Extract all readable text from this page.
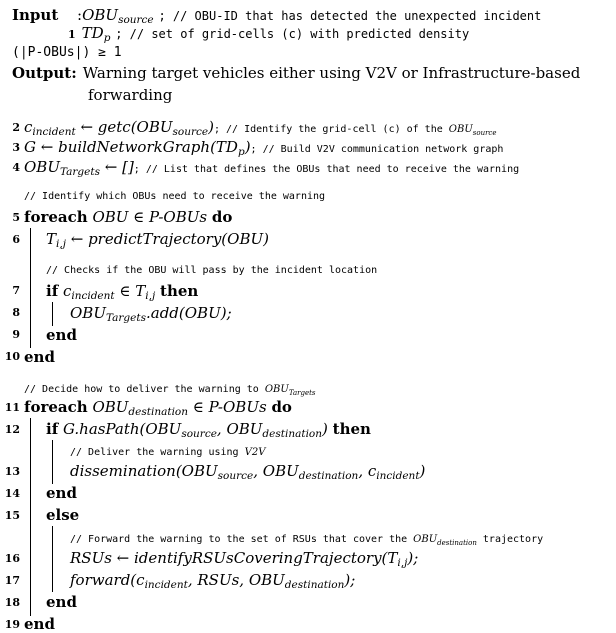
Input $:OBU_{source}$ ; // OBU-ID that has detected the unexpected incident
1 $TD_p$ ; // set of grid-cells (c) with predicted density
(|P-OBUs|) ≥ 1
Output: Warning target vehicles either using V2V or Infrastructure-based
forwarding
2
3
4
5
6
7
8
9
10
11
12
13
14
15
16
17
18
19
$c_{incident}$ ← $getc(OBU_{source})$; // Identify the grid-cell (c) of the $OBU_{source}$
G ← $buildNetworkGraph(TD_p)$; // Build V2V communication network graph
$OBU_{Targets}$ ← []; // List that defines the OBUs that need to receive the warning
// Identify which OBUs need to receive the warning
foreach OBU ∈ P-OBUs do
$T_{i,j}$ ← predictTrajectory(OBU)
// Checks if the OBU will pass by the incident location
if $c_{incident}$ ∈ $T_{i,j}$ then
$OBU_{Targets}.add(OBU)$;
end
end
// Decide how to deliver the warning to $OBU_{Targets}$
foreach $OBU_{destination}$ ∈ P-OBUs do
if $G.hasPath(OBU_{source}$, $OBU_{destination}$) then
// Deliver the warning using V2V
$dissemination(OBU_{source}$, $OBU_{destination}$, $c_{incident}$)
end
else
// Forward the warning to the set of RSUs that cover the $OBU_{destination}$ trajectory
RSUs ← $identifyRSUsCoveringTrajectory(T_{i,j})$;
$forward(c_{incident}$, RSUs, $OBU_{destination}$);
end
end
